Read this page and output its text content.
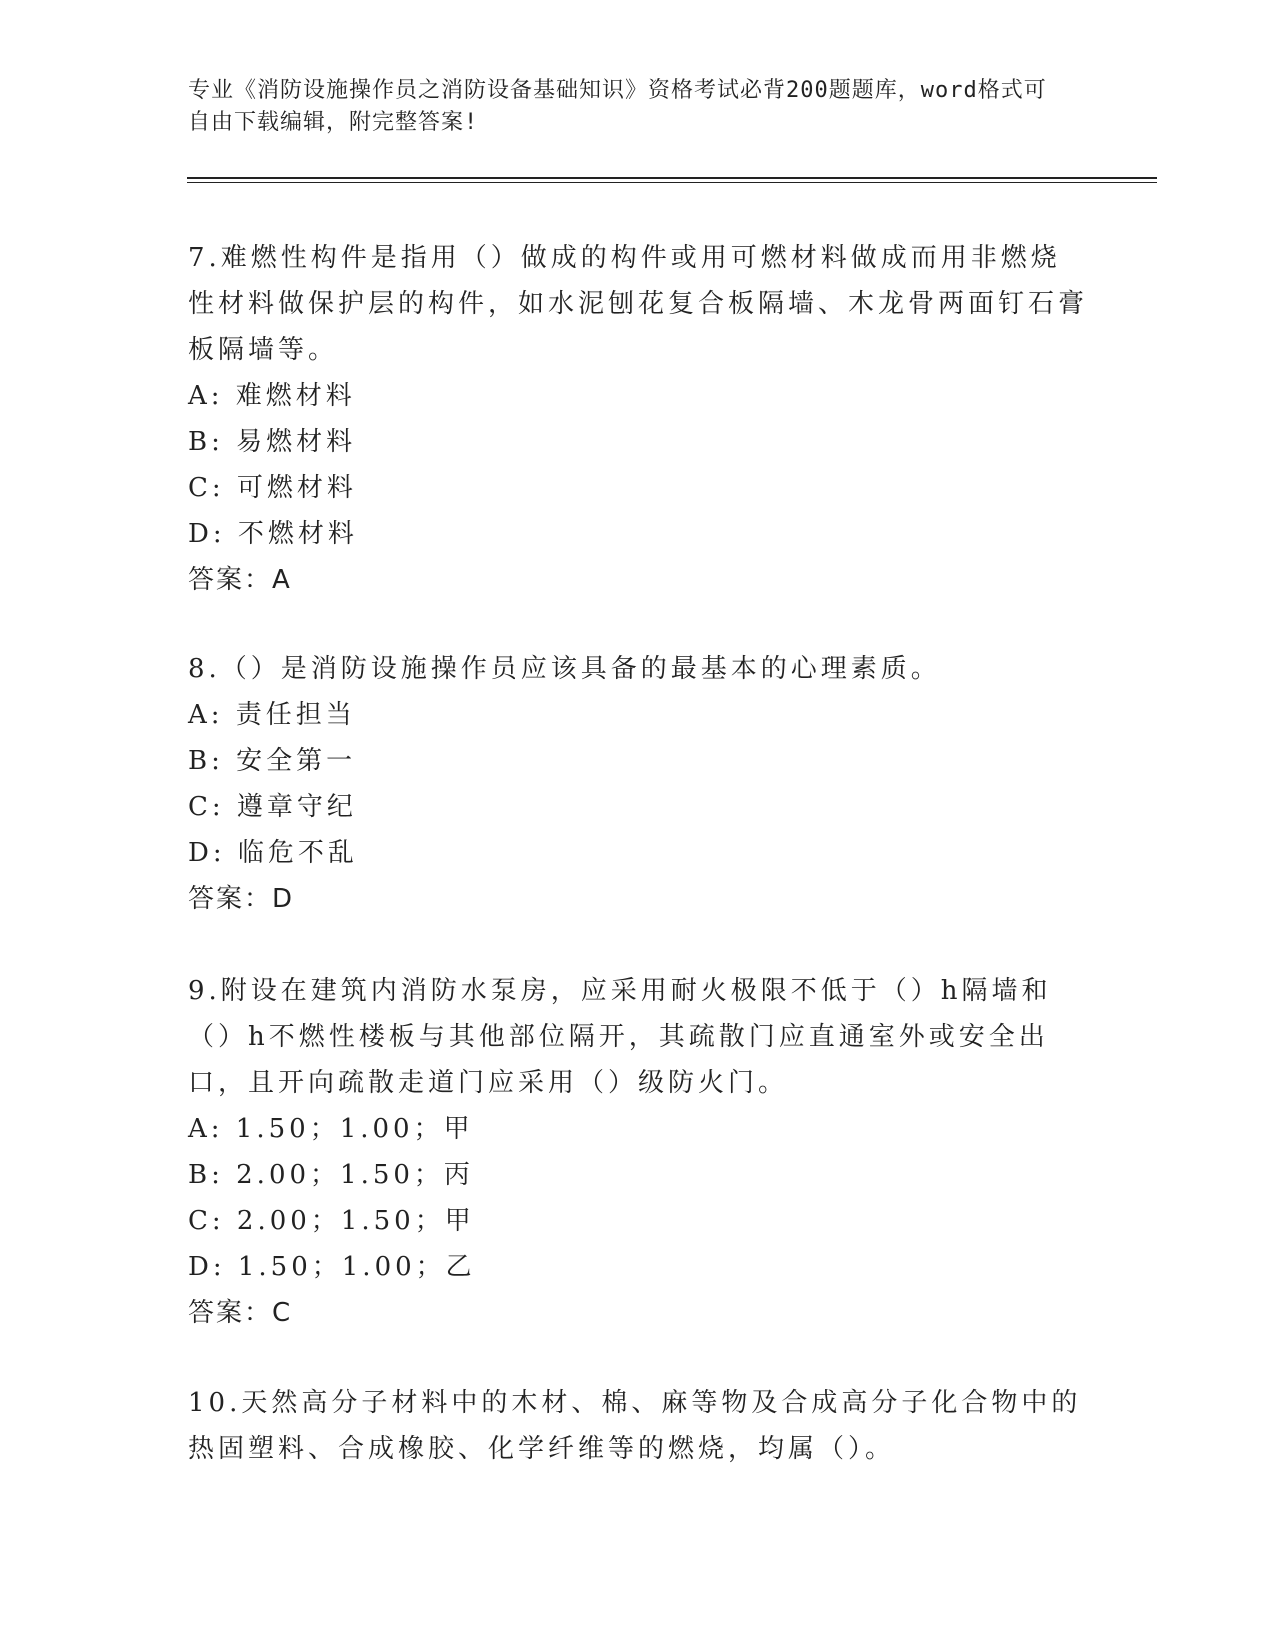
专业《消防设施操作员之消防设备基础知识》资格考试必背200题题库，word格式可自由下载编辑，附完整答案!

7.难燃性构件是指用（）做成的构件或用可燃材料做成而用非燃烧性材料做保护层的构件，如水泥刨花复合板隔墙、木龙骨两面钉石膏板隔墙等。

A: 难燃材料

B: 易燃材料

C: 可燃材料

D: 不燃材料

答案：A

8.（）是消防设施操作员应该具备的最基本的心理素质。

A: 责任担当

B: 安全第一

C: 遵章守纪

D: 临危不乱

答案：D

9.附设在建筑内消防水泵房，应采用耐火极限不低于（）h隔墙和（）h不燃性楼板与其他部位隔开，其疏散门应直通室外或安全出口，且开向疏散走道门应采用（）级防火门。

A: 1.50；1.00；甲

B: 2.00；1.50；丙

C: 2.00；1.50；甲

D: 1.50；1.00；乙

答案：C

10.天然高分子材料中的木材、棉、麻等物及合成高分子化合物中的热固塑料、合成橡胶、化学纤维等的燃烧，均属（）。
